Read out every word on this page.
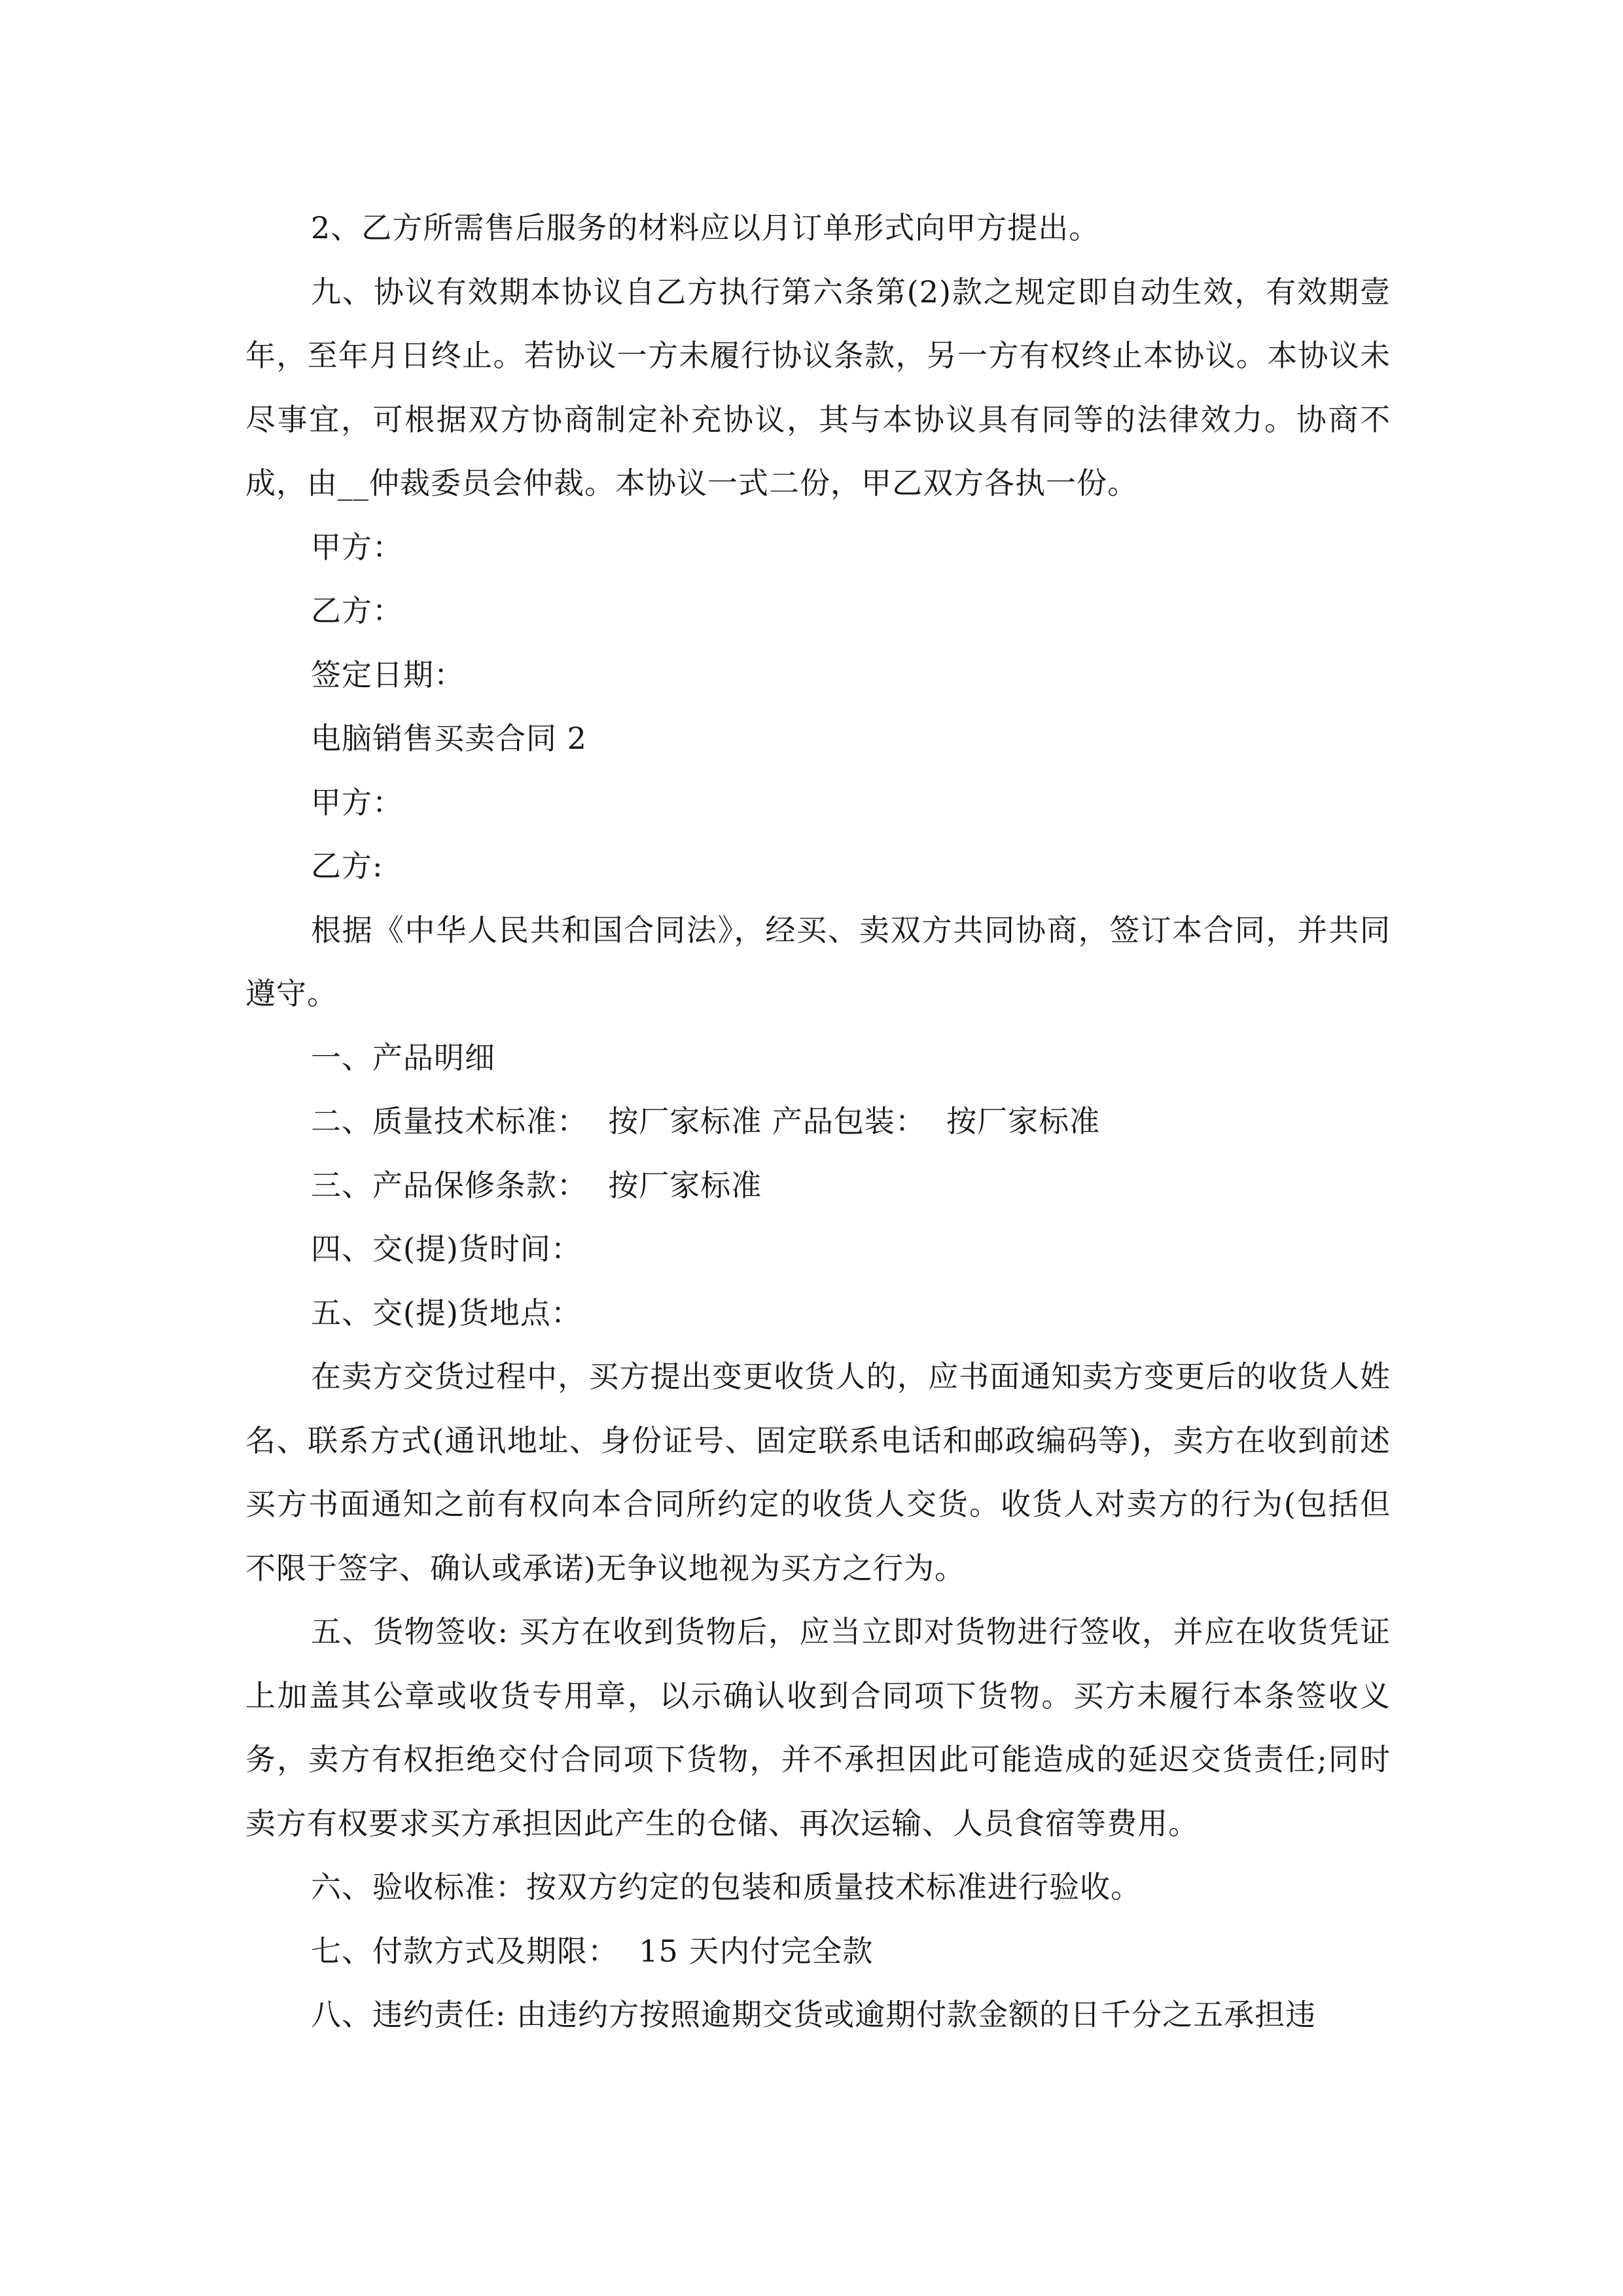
2、乙方所需售后服务的材料应以月订单形式向甲方提出。

九、协议有效期本协议自乙方执行第六条第(2)款之规定即自动生效，有效期壹年，至年月日终止。若协议一方未履行协议条款，另一方有权终止本协议。本协议未尽事宜，可根据双方协商制定补充协议，其与本协议具有同等的法律效力。协商不成，由__仲裁委员会仲裁。本协议一式二份，甲乙双方各执一份。

甲方：

乙方：

签定日期：

电脑销售买卖合同 2

甲方：

乙方:

根据《中华人民共和国合同法》，经买、卖双方共同协商，签订本合同，并共同遵守。

一、产品明细

二、质量技术标准：  按厂家标准 产品包装：  按厂家标准

三、产品保修条款：  按厂家标准

四、交(提)货时间：

五、交(提)货地点：

在卖方交货过程中，买方提出变更收货人的，应书面通知卖方变更后的收货人姓名、联系方式(通讯地址、身份证号、固定联系电话和邮政编码等)，卖方在收到前述买方书面通知之前有权向本合同所约定的收货人交货。收货人对卖方的行为(包括但不限于签字、确认或承诺)无争议地视为买方之行为。

五、货物签收: 买方在收到货物后，应当立即对货物进行签收，并应在收货凭证上加盖其公章或收货专用章，以示确认收到合同项下货物。买方未履行本条签收义务，卖方有权拒绝交付合同项下货物，并不承担因此可能造成的延迟交货责任;同时卖方有权要求买方承担因此产生的仓储、再次运输、人员食宿等费用。

六、验收标准：按双方约定的包装和质量技术标准进行验收。

七、付款方式及期限：  15 天内付完全款

八、违约责任: 由违约方按照逾期交货或逾期付款金额的日千分之五承担违
